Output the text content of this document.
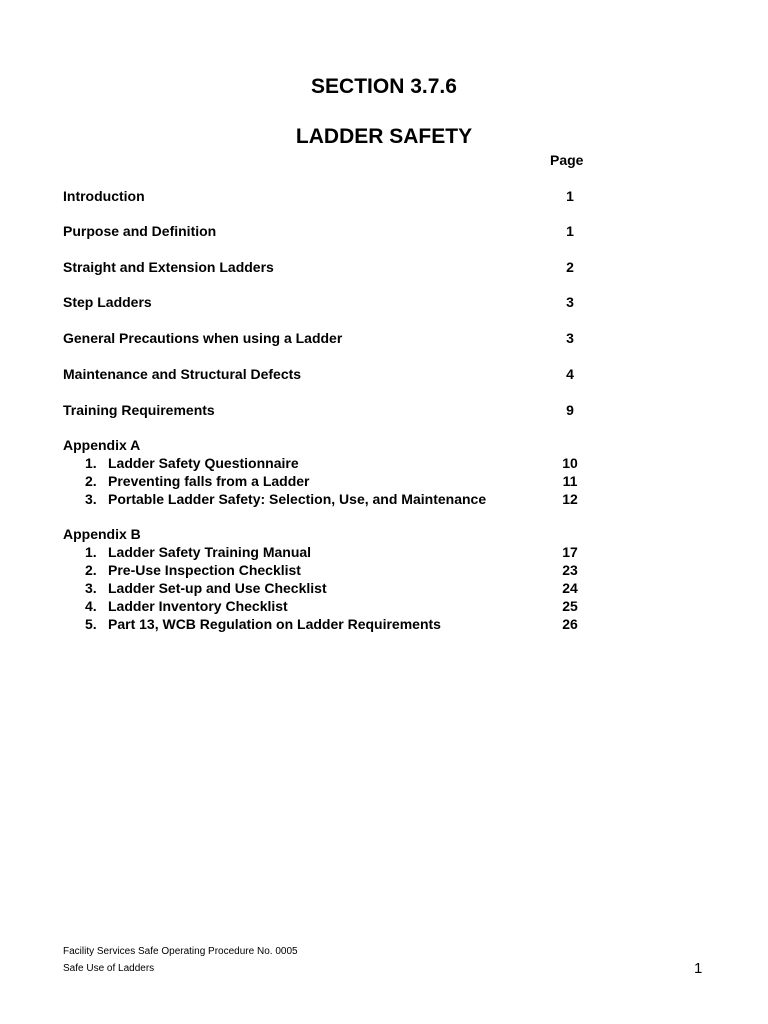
SECTION 3.7.6
LADDER SAFETY
Page
Introduction	1
Purpose and Definition	1
Straight and Extension Ladders	2
Step Ladders	3
General Precautions when using a Ladder	3
Maintenance and Structural Defects	4
Training Requirements	9
Appendix A
1. Ladder Safety Questionnaire	10
2. Preventing falls from a Ladder	11
3. Portable Ladder Safety: Selection, Use, and Maintenance	12
Appendix B
1. Ladder Safety Training Manual	17
2. Pre-Use Inspection Checklist	23
3. Ladder Set-up and Use Checklist	24
4. Ladder Inventory Checklist	25
5. Part 13, WCB Regulation on Ladder Requirements	26
Facility Services Safe Operating Procedure No. 0005
Safe Use of Ladders	1
